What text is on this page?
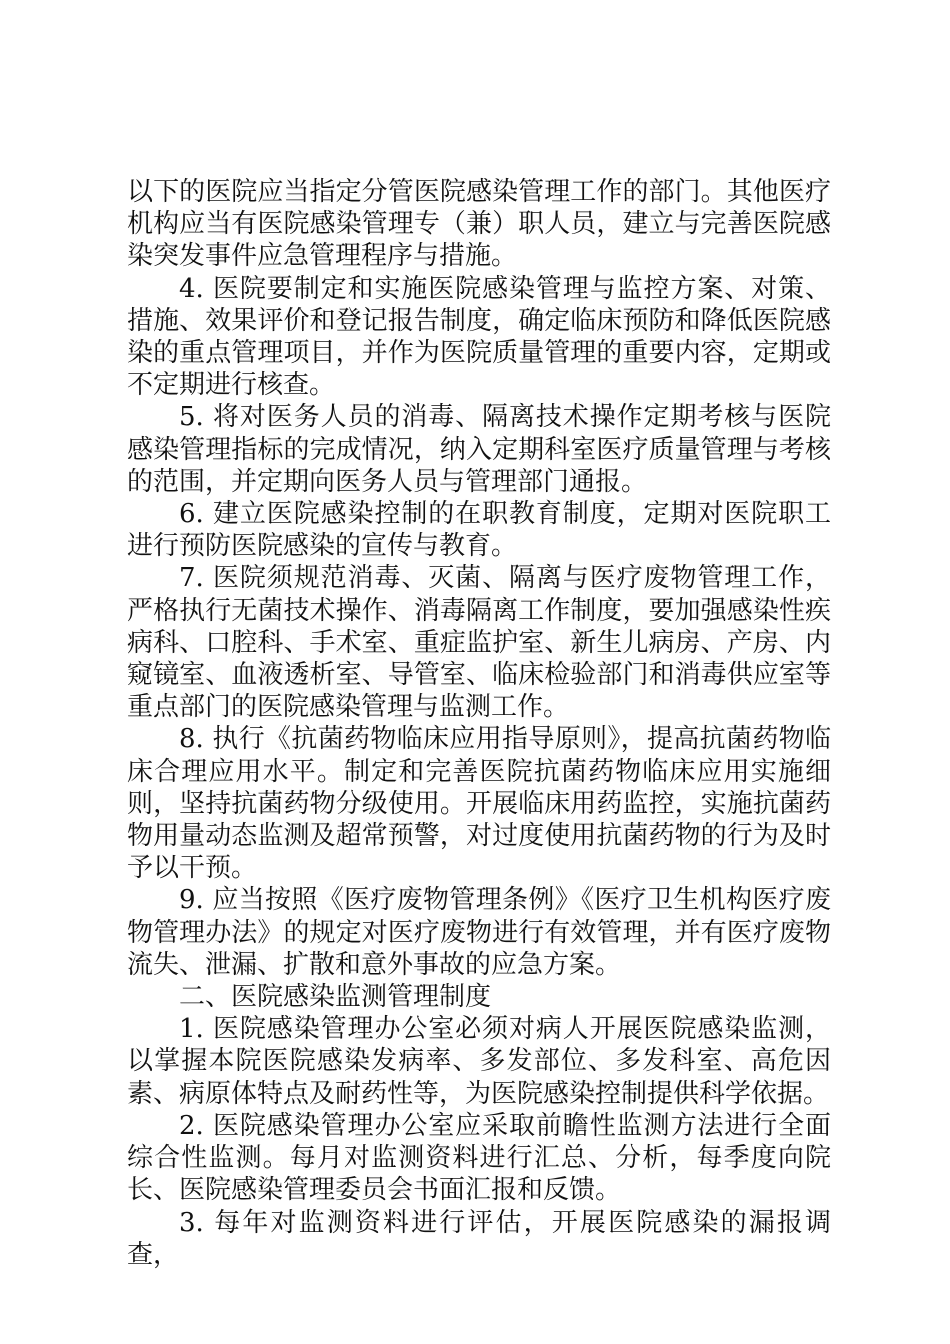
以下的医院应当指定分管医院感染管理工作的部门。其他医疗机构应当有医院感染管理专（兼）职人员，建立与完善医院感染突发事件应急管理程序与措施。

4. 医院要制定和实施医院感染管理与监控方案、对策、措施、效果评价和登记报告制度，确定临床预防和降低医院感染的重点管理项目，并作为医院质量管理的重要内容，定期或不定期进行核查。

5. 将对医务人员的消毒、隔离技术操作定期考核与医院感染管理指标的完成情况，纳入定期科室医疗质量管理与考核的范围，并定期向医务人员与管理部门通报。

6. 建立医院感染控制的在职教育制度，定期对医院职工进行预防医院感染的宣传与教育。

7. 医院须规范消毒、灭菌、隔离与医疗废物管理工作，严格执行无菌技术操作、消毒隔离工作制度，要加强感染性疾病科、口腔科、手术室、重症监护室、新生儿病房、产房、内窥镜室、血液透析室、导管室、临床检验部门和消毒供应室等重点部门的医院感染管理与监测工作。

8. 执行《抗菌药物临床应用指导原则》，提高抗菌药物临床合理应用水平。制定和完善医院抗菌药物临床应用实施细则，坚持抗菌药物分级使用。开展临床用药监控，实施抗菌药物用量动态监测及超常预警，对过度使用抗菌药物的行为及时予以干预。

9. 应当按照《医疗废物管理条例》《医疗卫生机构医疗废物管理办法》的规定对医疗废物进行有效管理，并有医疗废物流失、泄漏、扩散和意外事故的应急方案。

二、医院感染监测管理制度

1. 医院感染管理办公室必须对病人开展医院感染监测，以掌握本院医院感染发病率、多发部位、多发科室、高危因素、病原体特点及耐药性等，为医院感染控制提供科学依据。

2. 医院感染管理办公室应采取前瞻性监测方法进行全面综合性监测。每月对监测资料进行汇总、分析，每季度向院长、医院感染管理委员会书面汇报和反馈。

3. 每年对监测资料进行评估，开展医院感染的漏报调查，
